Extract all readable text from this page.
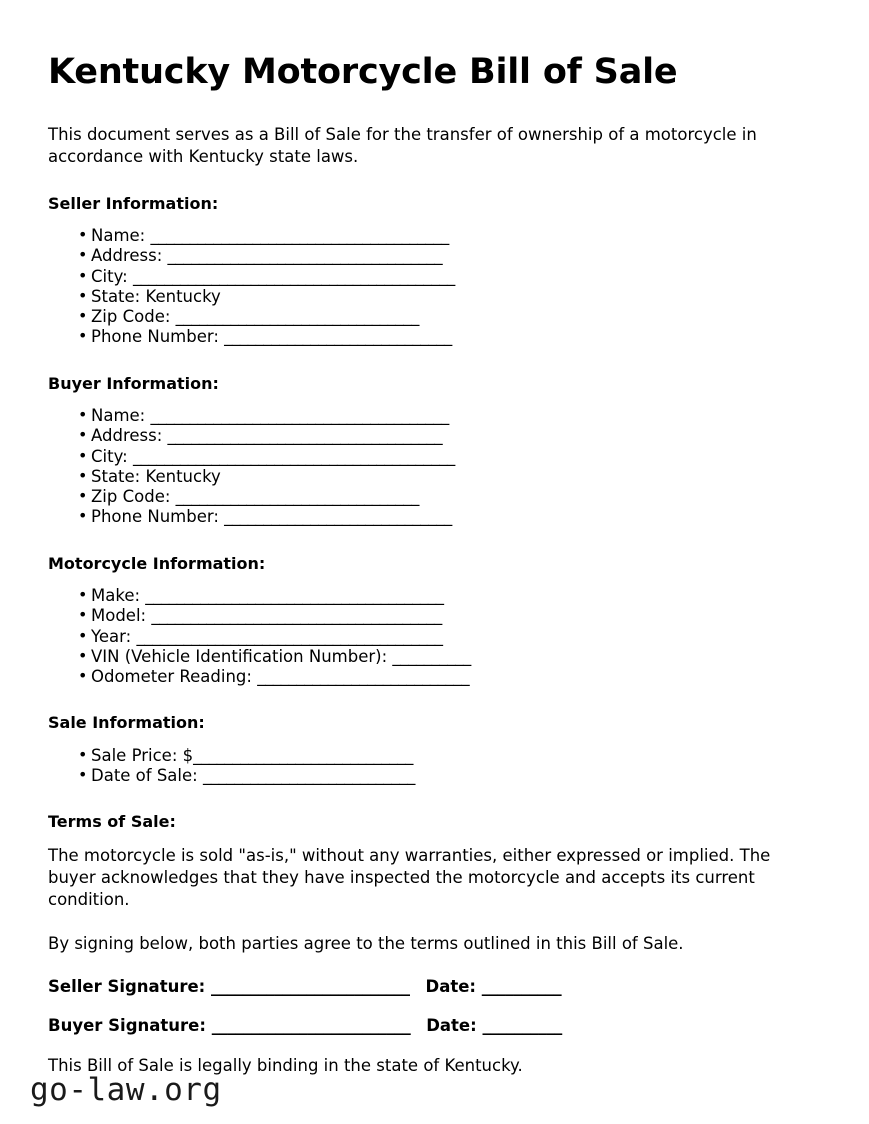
Kentucky Motorcycle Bill of Sale

This document serves as a Bill of Sale for the transfer of ownership of a motorcycle in accordance with Kentucky state laws.

Seller Information:
• Name: ______________________________________
• Address: ___________________________________
• City: _________________________________________
• State: Kentucky
• Zip Code: _______________________________
• Phone Number: _____________________________
Buyer Information:
• Name: ______________________________________
• Address: ___________________________________
• City: _________________________________________
• State: Kentucky
• Zip Code: _______________________________
• Phone Number: _____________________________
Motorcycle Information:
• Make: ______________________________________
• Model: _____________________________________
• Year: _______________________________________
• VIN (Vehicle Identification Number): __________
• Odometer Reading: ___________________________
Sale Information:
• Sale Price: $____________________________
• Date of Sale: ___________________________
Terms of Sale:

The motorcycle is sold "as-is," without any warranties, either expressed or implied. The buyer acknowledges that they have inspected the motorcycle and accepts its current condition.

By signing below, both parties agree to the terms outlined in this Bill of Sale.

Seller Signature: _________________________ Date: __________
Buyer Signature: _________________________ Date: __________

This Bill of Sale is legally binding in the state of Kentucky.

go-law.org
